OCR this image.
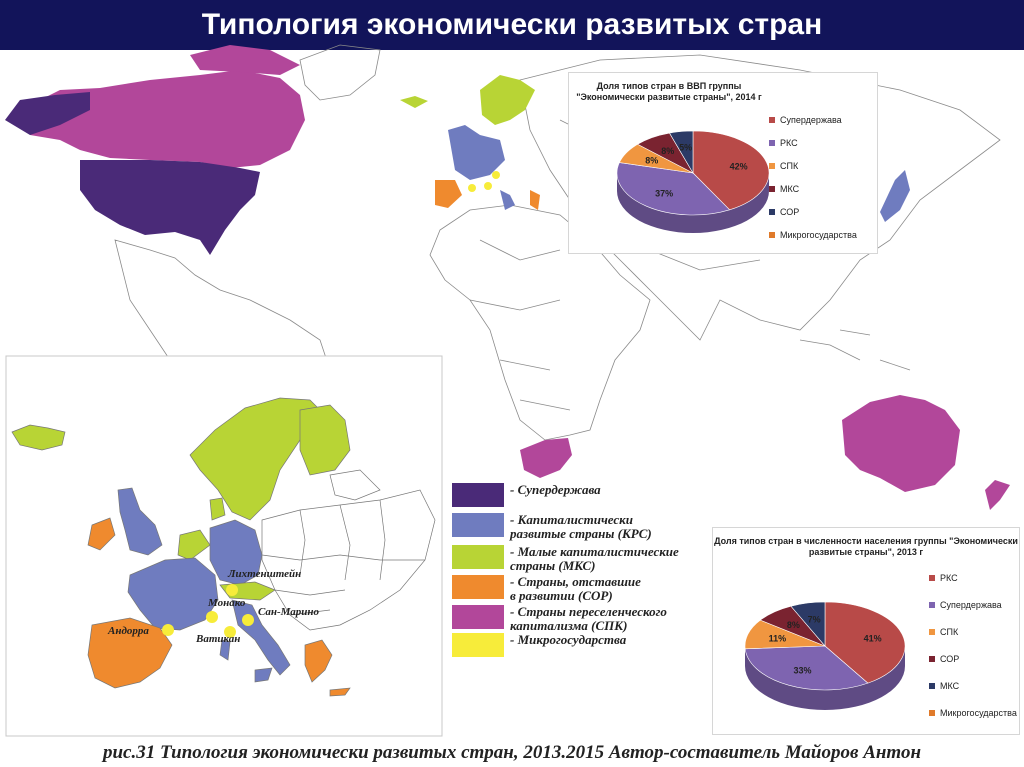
Типология экономически развитых стран
Лихтенштейн
Монако
Сан-Марино
Андорра
Ватикан
- Супердержава
- Капиталистически
развитые страны (КРС)
- Малые капиталистические
страны (МКС)
- Страны, отставшие
в развитии (СОР)
- Страны переселенческого
капитализма (СПК)
- Микрогосударства
Доля типов стран в ВВП группы "Экономически развитые страны", 2014 г
42%
37%
8%
8% 5%
Супердержава
РКС
СПК
МКС
СОР
Микрогосударства
Доля типов стран в численности населения группы "Экономически развитые страны", 2013 г
41%
33%
11%
8%
7%
РКС
Супердержава
СПК
СОР
МКС
Микрогосударства
рис.31 Типология экономически развитых стран, 2013.2015 Автор-составитель Майоров Антон
